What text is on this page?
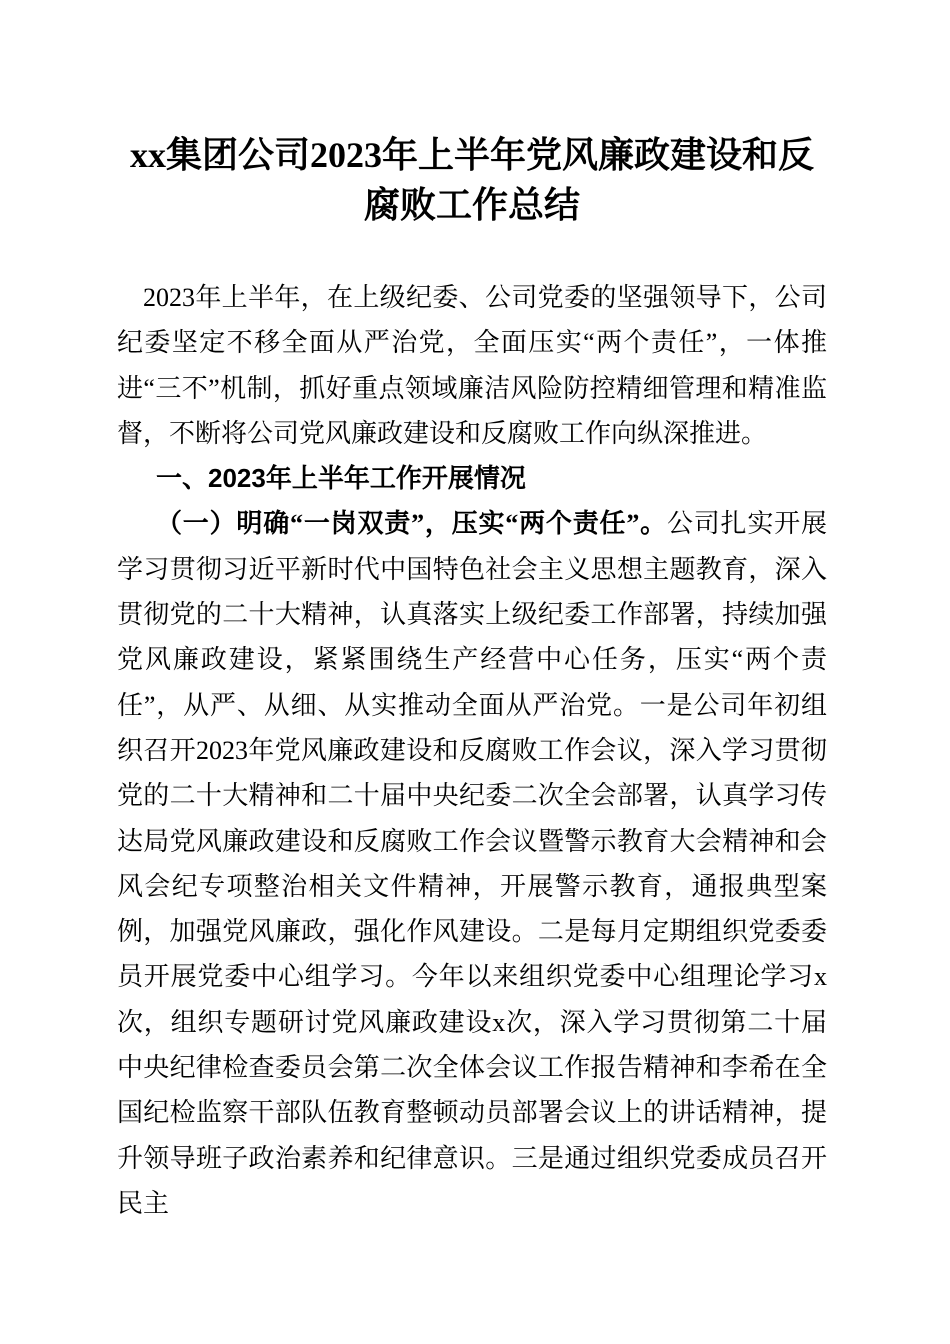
xx集团公司2023年上半年党风廉政建设和反腐败工作总结

2023年上半年，在上级纪委、公司党委的坚强领导下，公司纪委坚定不移全面从严治党，全面压实“两个责任”，一体推进“三不”机制，抓好重点领域廉洁风险防控精细管理和精准监督，不断将公司党风廉政建设和反腐败工作向纵深推进。

一、2023年上半年工作开展情况

（一）明确“一岗双责”，压实“两个责任”。公司扎实开展学习贯彻习近平新时代中国特色社会主义思想主题教育，深入贯彻党的二十大精神，认真落实上级纪委工作部署，持续加强党风廉政建设，紧紧围绕生产经营中心任务，压实“两个责任”，从严、从细、从实推动全面从严治党。一是公司年初组织召开2023年党风廉政建设和反腐败工作会议，深入学习贯彻党的二十大精神和二十届中央纪委二次全会部署，认真学习传达局党风廉政建设和反腐败工作会议暨警示教育大会精神和会风会纪专项整治相关文件精神，开展警示教育，通报典型案例，加强党风廉政，强化作风建设。二是每月定期组织党委委员开展党委中心组学习。今年以来组织党委中心组理论学习x次，组织专题研讨党风廉政建设x次，深入学习贯彻第二十届中央纪律检查委员会第二次全体会议工作报告精神和李希在全国纪检监察干部队伍教育整顿动员部署会议上的讲话精神，提升领导班子政治素养和纪律意识。三是通过组织党委成员召开民主
